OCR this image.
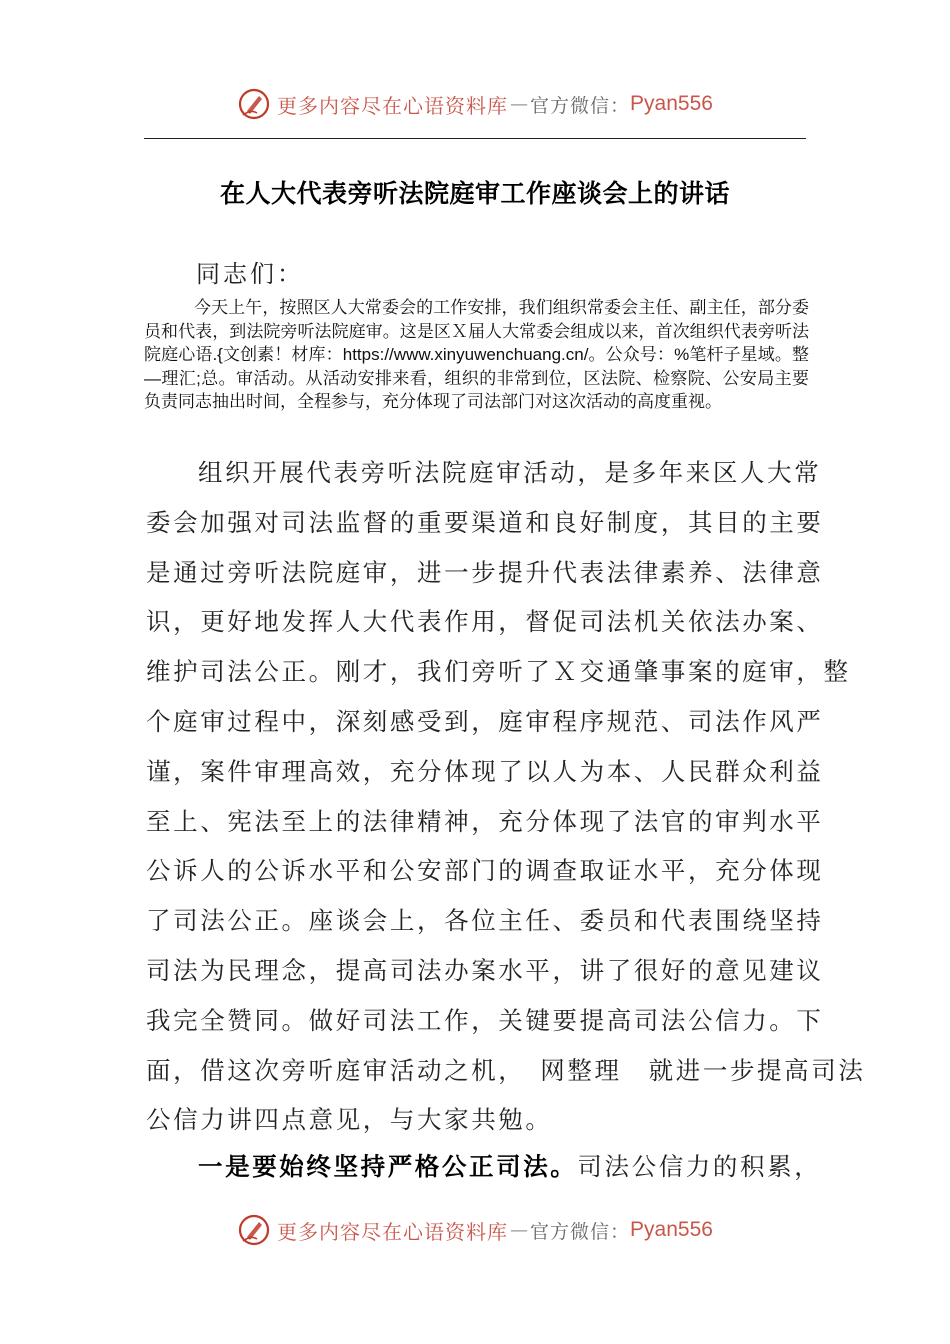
更多内容尽在心语资料库 — 官方微信： Pyan556
在人大代表旁听法院庭审工作座谈会上的讲话
同志们：

今天上午，按照区人大常委会的工作安排，我们组织常委会主任、副主任，部分委员和代表，到法院旁听法院庭审。这是区Ｘ届人大常委会组成以来，首次组织代表旁听法院庭心语.{文创素！材库：https://www.xinyuwenchuang.cn/。公众号：%笔杆子星域。整—理汇;总。审活动。从活动安排来看，组织的非常到位，区法院、检察院、公安局主要负责同志抽出时间，全程参与，充分体现了司法部门对这次活动的高度重视。

组织开展代表旁听法院庭审活动，是多年来区人大常
委会加强对司法监督的重要渠道和良好制度，其目的主要
是通过旁听法院庭审，进一步提升代表法律素养、法律意
识，更好地发挥人大代表作用，督促司法机关依法办案、
维护司法公正。刚才，我们旁听了Ｘ交通肇事案的庭审，整
个庭审过程中，深刻感受到，庭审程序规范、司法作风严
谨，案件审理高效，充分体现了以人为本、人民群众利益
至上、宪法至上的法律精神，充分体现了法官的审判水平
公诉人的公诉水平和公安部门的调查取证水平，充分体现
了司法公正。座谈会上，各位主任、委员和代表围绕坚持
司法为民理念，提高司法办案水平，讲了很好的意见建议
我完全赞同。做好司法工作，关键要提高司法公信力。下
面，借这次旁听庭审活动之机，　网整理　就进一步提高司法
公信力讲四点意见，与大家共勉。
一是要始终坚持严格公正司法。司法公信力的积累，
更多内容尽在心语资料库 — 官方微信： Pyan556
